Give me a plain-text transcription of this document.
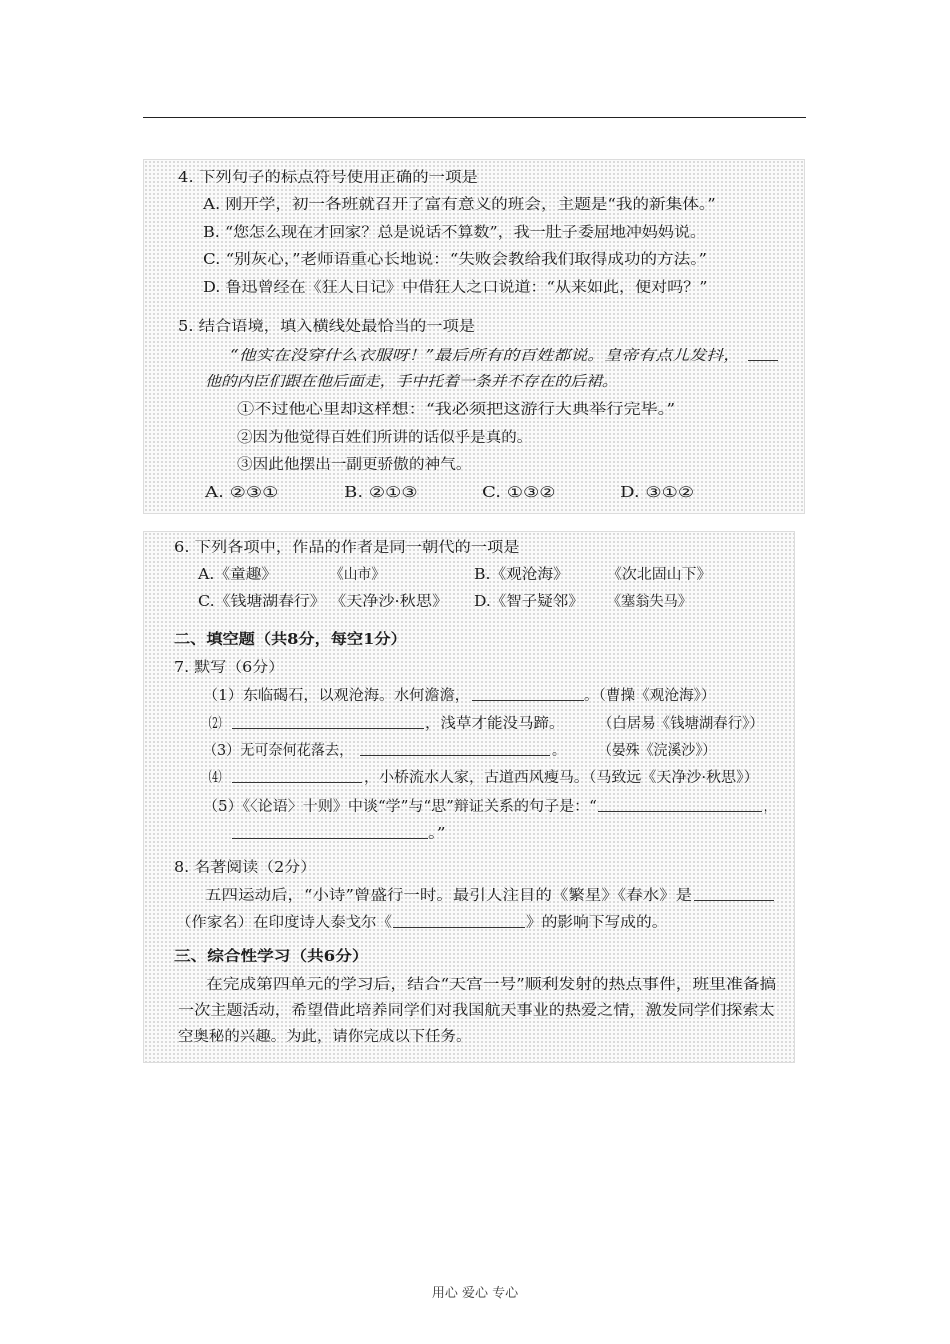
4. 下列句子的标点符号使用正确的一项是
A. 刚开学，初一各班就召开了富有意义的班会，主题是“我的新集体。”
B. “您怎么现在才回家？总是说话不算数”，我一肚子委屈地冲妈妈说。
C. “别灰心，”老师语重心长地说：“失败会教给我们取得成功的方法。”
D. 鲁迅曾经在《狂人日记》中借狂人之口说道：“从来如此，便对吗？”
5. 结合语境，填入横线处最恰当的一项是
“他实在没穿什么衣服呀！”最后所有的百姓都说。皇帝有点儿发抖，
他的内臣们跟在他后面走，手中托着一条并不存在的后裙。
①不过他心里却这样想：“我必须把这游行大典举行完毕。”
②因为他觉得百姓们所讲的话似乎是真的。
③因此他摆出一副更骄傲的神气。
A. ②③①	B. ②①③	C. ①③②	D. ③①②
6. 下列各项中，作品的作者是同一朝代的一项是
A.《童趣》	《山市》	B.《观沧海》	《次北固山下》
C.《钱塘湖春行》 《天净沙·秋思》 D.《智子疑邻》 《塞翁失马》
二、填空题（共8分，每空1分）
7. 默写（6分）
（1）东临碣石，以观沧海。水何澹澹，	。（曹操《观沧海》）
（2）	，浅草才能没马蹄。 （白居易《钱塘湖春行》）
（3）无可奈何花落去，	。 （晏殊《浣溪沙》）
（4）	，小桥流水人家，古道西风瘦马。（马致远《天净沙·秋思》）
（5）《〈论语〉十则》中谈“学”与“思”辩证关系的句子是：“	，
。”
8. 名著阅读（2分）
五四运动后，“小诗”曾盛行一时。最引人注目的《繁星》《春水》是
（作家名）在印度诗人泰戈尔《	》的影响下写成的。
三、综合性学习（共6分）
在完成第四单元的学习后，结合“天宫一号”顺利发射的热点事件，班里准备搞
一次主题活动，希望借此培养同学们对我国航天事业的热爱之情，激发同学们探索太
空奥秘的兴趣。为此，请你完成以下任务。
用心 爱心 专心
